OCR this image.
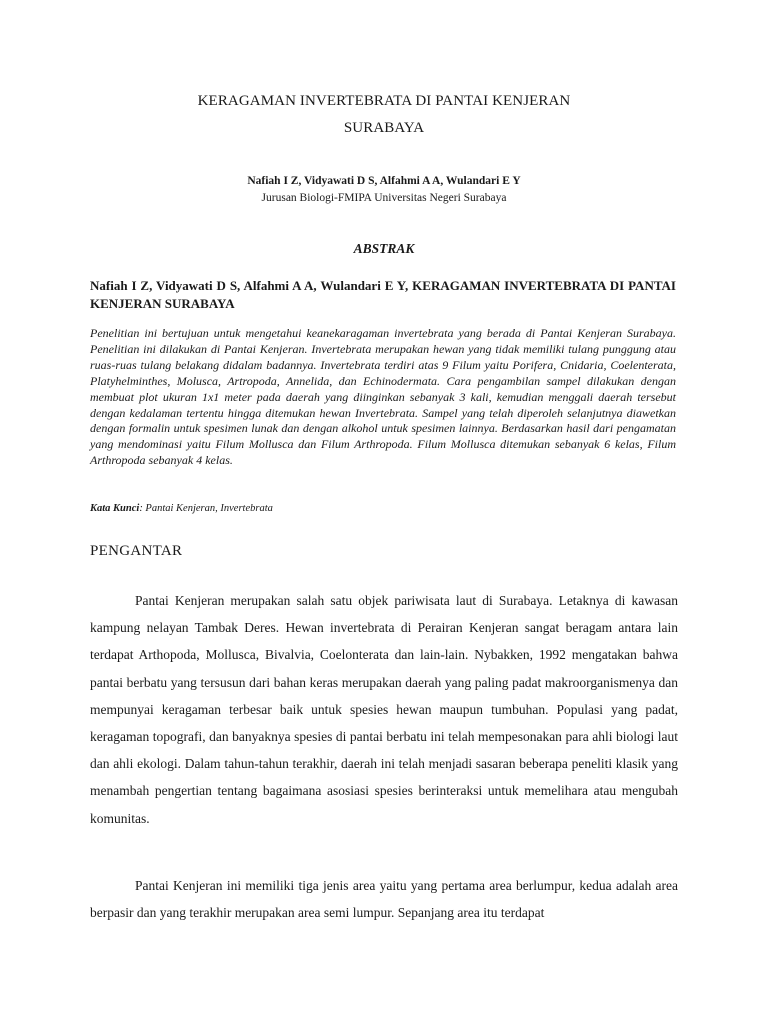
KERAGAMAN INVERTEBRATA DI PANTAI KENJERAN
SURABAYA
Nafiah I Z, Vidyawati D S, Alfahmi A A, Wulandari E Y
Jurusan Biologi-FMIPA Universitas Negeri Surabaya
ABSTRAK
Nafiah I Z, Vidyawati D S, Alfahmi A A, Wulandari E Y, KERAGAMAN INVERTEBRATA DI PANTAI KENJERAN SURABAYA
Penelitian ini bertujuan untuk mengetahui keanekaragaman invertebrata yang berada di Pantai Kenjeran Surabaya. Penelitian ini dilakukan di Pantai Kenjeran. Invertebrata merupakan hewan yang tidak memiliki tulang punggung atau ruas-ruas tulang belakang didalam badannya. Invertebrata terdiri atas 9 Filum yaitu Porifera, Cnidaria, Coelenterata, Platyhelminthes, Molusca, Artropoda, Annelida, dan Echinodermata. Cara pengambilan sampel dilakukan dengan membuat plot ukuran 1x1 meter pada daerah yang diinginkan sebanyak 3 kali, kemudian menggali daerah tersebut dengan kedalaman tertentu hingga ditemukan hewan Invertebrata. Sampel yang telah diperoleh selanjutnya diawetkan dengan formalin untuk spesimen lunak dan dengan alkohol untuk spesimen lainnya. Berdasarkan hasil dari pengamatan yang mendominasi yaitu Filum Mollusca dan Filum Arthropoda. Filum Mollusca ditemukan sebanyak 6 kelas, Filum Arthropoda sebanyak 4 kelas.
Kata Kunci: Pantai Kenjeran, Invertebrata
PENGANTAR
Pantai Kenjeran merupakan salah satu objek pariwisata laut di Surabaya. Letaknya di kawasan kampung nelayan Tambak Deres. Hewan invertebrata di Perairan Kenjeran sangat beragam antara lain terdapat Arthopoda, Mollusca, Bivalvia, Coelonterata dan lain-lain. Nybakken, 1992 mengatakan bahwa pantai berbatu yang tersusun dari bahan keras merupakan daerah yang paling padat makroorganismenya dan mempunyai keragaman terbesar baik untuk spesies hewan maupun tumbuhan. Populasi yang padat, keragaman topografi, dan banyaknya spesies di pantai berbatu ini telah mempesonakan para ahli biologi laut dan ahli ekologi. Dalam tahun-tahun terakhir, daerah ini telah menjadi sasaran beberapa peneliti klasik yang menambah pengertian tentang bagaimana asosiasi spesies berinteraksi untuk memelihara atau mengubah komunitas.
Pantai Kenjeran ini memiliki tiga jenis area yaitu yang pertama area berlumpur, kedua adalah area berpasir dan yang terakhir merupakan area semi lumpur. Sepanjang area itu terdapat
